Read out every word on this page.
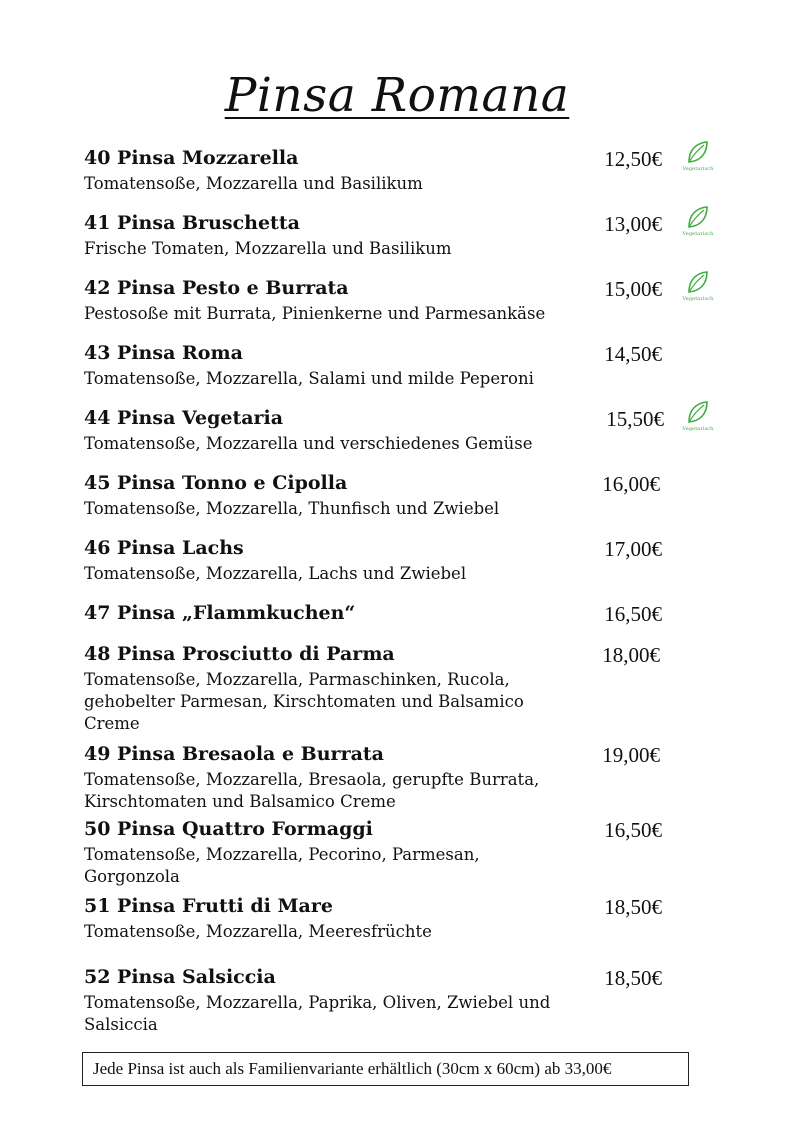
Pinsa Romana
40 Pinsa Mozzarella	12,50€
Tomatensoße, Mozzarella und Basilikum
Vegetarisch
41 Pinsa Bruschetta	13,00€
Frische Tomaten, Mozzarella und Basilikum
Vegetarisch
42 Pinsa Pesto e Burrata	15,00€
Pestosoße mit Burrata, Pinienkerne und Parmesankäse
Vegetarisch
43 Pinsa Roma	14,50€
Tomatensoße, Mozzarella, Salami und milde Peperoni
44 Pinsa Vegetaria	15,50€
Tomatensoße, Mozzarella und verschiedenes Gemüse
Vegetarisch
45 Pinsa Tonno e Cipolla	16,00€
Tomatensoße, Mozzarella, Thunfisch und Zwiebel
46 Pinsa Lachs	17,00€
Tomatensoße, Mozzarella, Lachs und Zwiebel
47 Pinsa „Flammkuchen“	16,50€
48 Pinsa Prosciutto di Parma	18,00€
Tomatensoße, Mozzarella, Parmaschinken, Rucola, gehobelter Parmesan, Kirschtomaten und Balsamico Creme
49 Pinsa Bresaola e Burrata	19,00€
Tomatensoße, Mozzarella, Bresaola, gerupfte Burrata, Kirschtomaten und Balsamico Creme
50 Pinsa Quattro Formaggi	16,50€
Tomatensoße, Mozzarella, Pecorino, Parmesan, Gorgonzola
51 Pinsa Frutti di Mare	18,50€
Tomatensoße, Mozzarella, Meeresfrüchte
52 Pinsa Salsiccia	18,50€
Tomatensoße, Mozzarella, Paprika, Oliven, Zwiebel und Salsiccia
Jede Pinsa ist auch als Familienvariante erhältlich (30cm x 60cm) ab 33,00€
